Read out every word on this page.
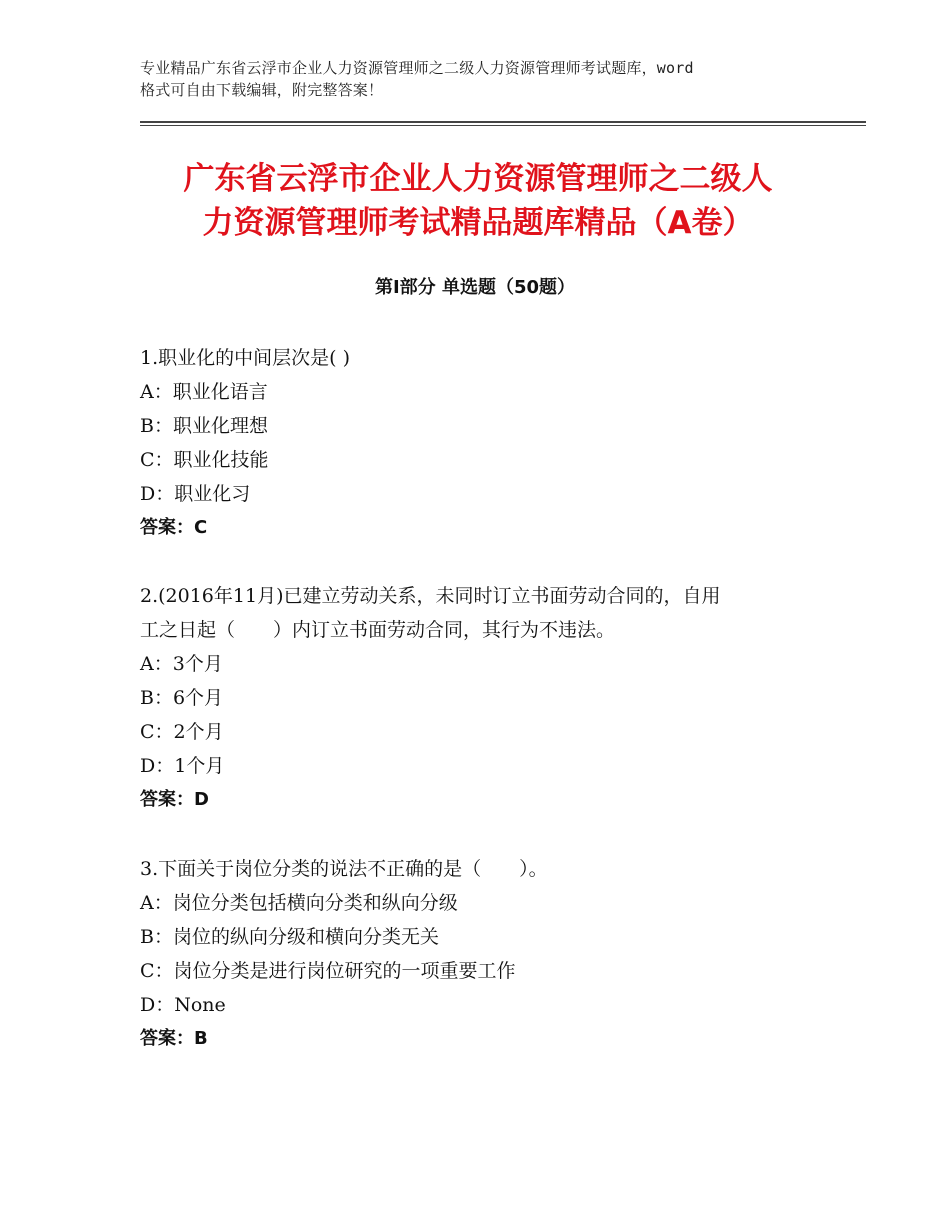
专业精品广东省云浮市企业人力资源管理师之二级人力资源管理师考试题库，word
格式可自由下载编辑，附完整答案！
广东省云浮市企业人力资源管理师之二级人
力资源管理师考试精品题库精品（A卷）
第Ⅰ部分 单选题（50题）
1.职业化的中间层次是( )
A：职业化语言
B：职业化理想
C：职业化技能
D：职业化习
答案：C
2.(2016年11月)已建立劳动关系，未同时订立书面劳动合同的，自用
工之日起（　　）内订立书面劳动合同，其行为不违法。
A：3个月
B：6个月
C：2个月
D：1个月
答案：D
3.下面关于岗位分类的说法不正确的是（　　）。
A：岗位分类包括横向分类和纵向分级
B：岗位的纵向分级和横向分类无关
C：岗位分类是进行岗位研究的一项重要工作
D：None
答案：B
